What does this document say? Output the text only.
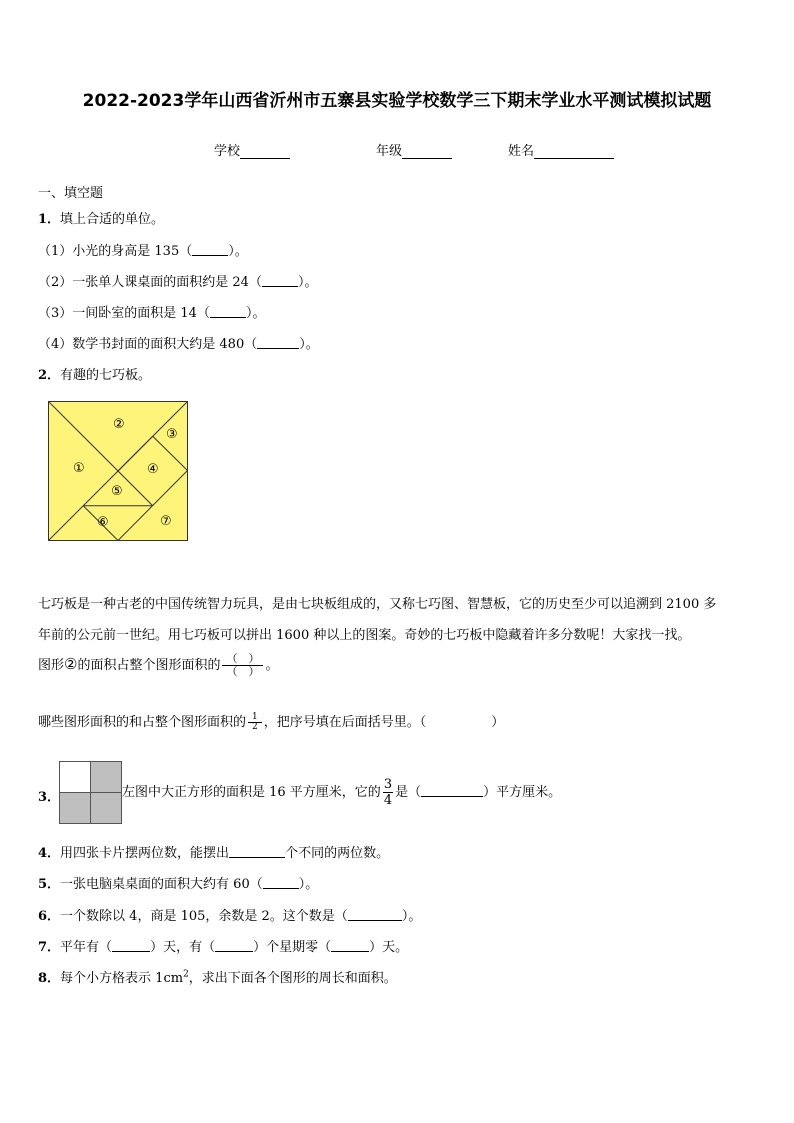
2022-2023学年山西省沂州市五寨县实验学校数学三下期末学业水平测试模拟试题
学校	年级	姓名
一、填空题
1．填上合适的单位。
（1）小光的身高是 135（	）。
（2）一张单人课桌面的面积约是 24（	）。
（3）一间卧室的面积是 14（	）。
（4）数学书封面的面积大约是 480（	）。
2．有趣的七巧板。
①
②
③
④
⑤
⑥	⑦
七巧板是一种古老的中国传统智力玩具，是由七块板组成的，又称七巧图、智慧板，它的历史至少可以追溯到 2100 多
年前的公元前一世纪。用七巧板可以拼出 1600 种以上的图案。奇妙的七巧板中隐藏着许多分数呢！大家找一找。
图形②的面积占整个图形面积的 $\frac{( )}{( )}$ 。
哪些图形面积的和占整个图形面积的 $\frac{1}{2}$ ，把序号填在后面括号里。（　　　　　）
3．	左图中大正方形的面积是 16 平方厘米，它的 $\frac{3}{4}$ 是（	）平方厘米。
4．用四张卡片摆两位数，能摆出	个不同的两位数。
5．一张电脑桌桌面的面积大约有 60（	）。
6．一个数除以 4，商是 105，余数是 2。这个数是（	）。
7．平年有（	）天，有（	）个星期零（	）天。
8．每个小方格表示 $1cm^2$，求出下面各个图形的周长和面积。
